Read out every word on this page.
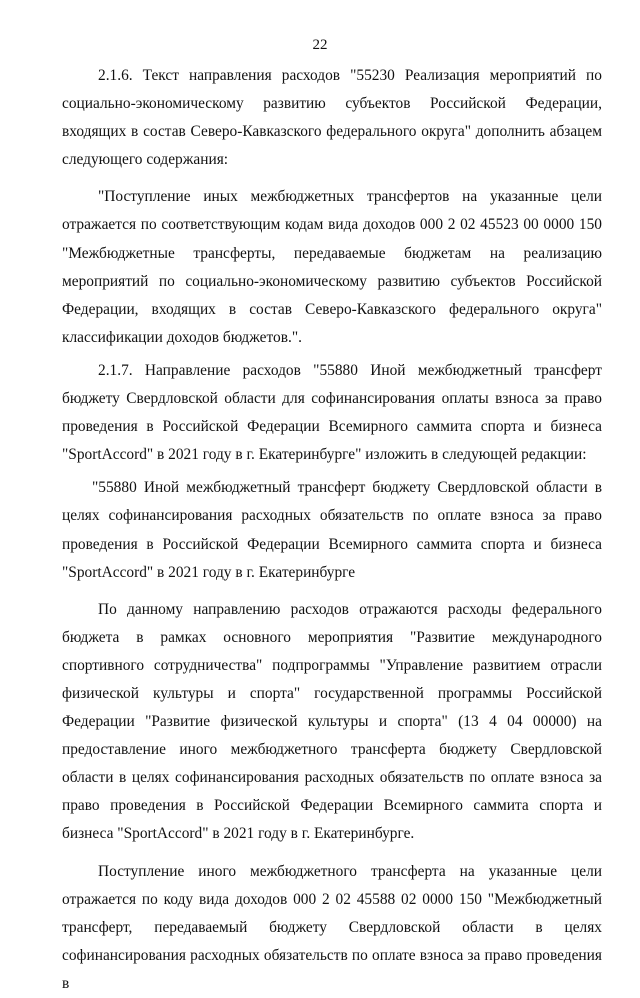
22

2.1.6. Текст направления расходов "55230 Реализация мероприятий по социально-экономическому развитию субъектов Российской Федерации, входящих в состав Северо-Кавказского федерального округа" дополнить абзацем следующего содержания:

"Поступление иных межбюджетных трансфертов на указанные цели отражается по соответствующим кодам вида доходов 000 2 02 45523 00 0000 150 "Межбюджетные трансферты, передаваемые бюджетам на реализацию мероприятий по социально-экономическому развитию субъектов Российской Федерации, входящих в состав Северо-Кавказского федерального округа" классификации доходов бюджетов.".

2.1.7. Направление расходов "55880 Иной межбюджетный трансферт бюджету Свердловской области для софинансирования оплаты взноса за право проведения в Российской Федерации Всемирного саммита спорта и бизнеса "SportAccord" в 2021 году в г. Екатеринбурге" изложить в следующей редакции:

"55880 Иной межбюджетный трансферт бюджету Свердловской области в целях софинансирования расходных обязательств по оплате взноса за право проведения в Российской Федерации Всемирного саммита спорта и бизнеса "SportAccord" в 2021 году в г. Екатеринбурге

По данному направлению расходов отражаются расходы федерального бюджета в рамках основного мероприятия "Развитие международного спортивного сотрудничества" подпрограммы "Управление развитием отрасли физической культуры и спорта" государственной программы Российской Федерации "Развитие физической культуры и спорта" (13 4 04 00000) на предоставление иного межбюджетного трансферта бюджету Свердловской области в целях софинансирования расходных обязательств по оплате взноса за право проведения в Российской Федерации Всемирного саммита спорта и бизнеса "SportAccord" в 2021 году в г. Екатеринбурге.

Поступление иного межбюджетного трансферта на указанные цели отражается по коду вида доходов 000 2 02 45588 02 0000 150 "Межбюджетный трансферт, передаваемый бюджету Свердловской области в целях софинансирования расходных обязательств по оплате взноса за право проведения в
